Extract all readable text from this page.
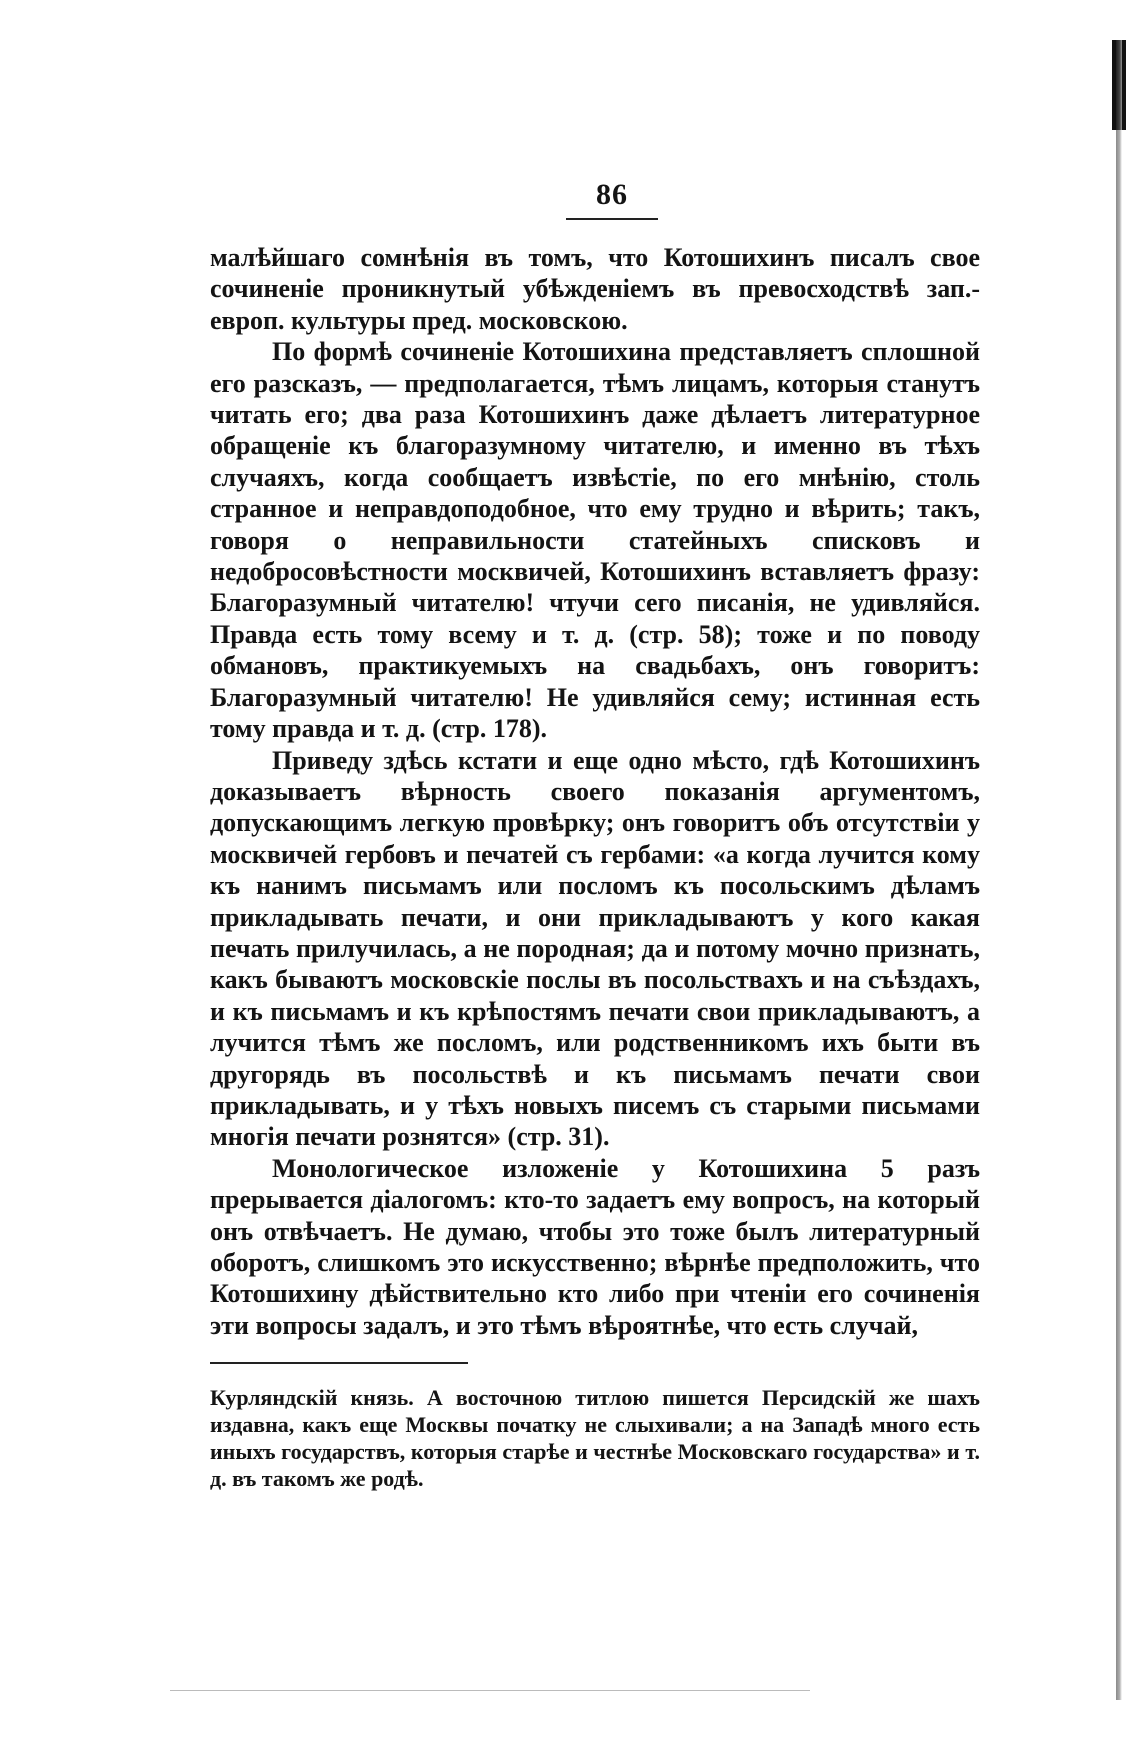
86

малѣйшаго сомнѣнія въ томъ, что Котошихинъ писалъ свое сочиненіе проникнутый убѣжденіемъ въ превосходствѣ зап.-европ. культуры пред. московскою.

По формѣ сочиненіе Котошихина представляетъ сплошной его разсказъ, — предполагается, тѣмъ лицамъ, которыя станутъ читать его; два раза Котошихинъ даже дѣлаетъ литературное обращеніе къ благоразумному читателю, и именно въ тѣхъ случаяхъ, когда сообщаетъ извѣстіе, по его мнѣнію, столь странное и неправдоподобное, что ему трудно и вѣрить; такъ, говоря о неправильности статейныхъ списковъ и недобросовѣстности москвичей, Котошихинъ вставляетъ фразу: Благоразумный читателю! чтучи сего писанія, не удивляйся. Правда есть тому всему и т. д. (стр. 58); тоже и по поводу обмановъ, практикуемыхъ на свадьбахъ, онъ говоритъ: Благоразумный читателю! Не удивляйся сему; истинная есть тому правда и т. д. (стр. 178).

Приведу здѣсь кстати и еще одно мѣсто, гдѣ Котошихинъ доказываетъ вѣрность своего показанія аргументомъ, допускающимъ легкую провѣрку; онъ говоритъ объ отсутствіи у москвичей гербовъ и печатей съ гербами: «а когда лучится кому къ нанимъ письмамъ или посломъ къ посольскимъ дѣламъ прикладывать печати, и они прикладываютъ у кого какая печать прилучилась, а не породная; да и потому мочно признать, какъ бываютъ московскіе послы въ посольствахъ и на съѣздахъ, и къ письмамъ и къ крѣпостямъ печати свои прикладываютъ, а лучится тѣмъ же посломъ, или родственникомъ ихъ быти въ другорядь въ посольствѣ и къ письмамъ печати свои прикладывать, и у тѣхъ новыхъ писемъ съ старыми письмами многія печати рознятся» (стр. 31).

Монологическое изложеніе у Котошихина 5 разъ прерывается діалогомъ: кто-то задаетъ ему вопросъ, на который онъ отвѣчаетъ. Не думаю, чтобы это тоже былъ литературный оборотъ, слишкомъ это искусственно; вѣрнѣе предположить, что Котошихину дѣйствительно кто либо при чтеніи его сочиненія эти вопросы задалъ, и это тѣмъ вѣроятнѣе, что есть случай,

Курляндскій князь. А восточною титлою пишется Персидскій же шахъ издавна, какъ еще Москвы початку не слыхивали; а на Западѣ много есть иныхъ государствъ, которыя старѣе и честнѣе Московскаго государства» и т. д. въ такомъ же родѣ.
